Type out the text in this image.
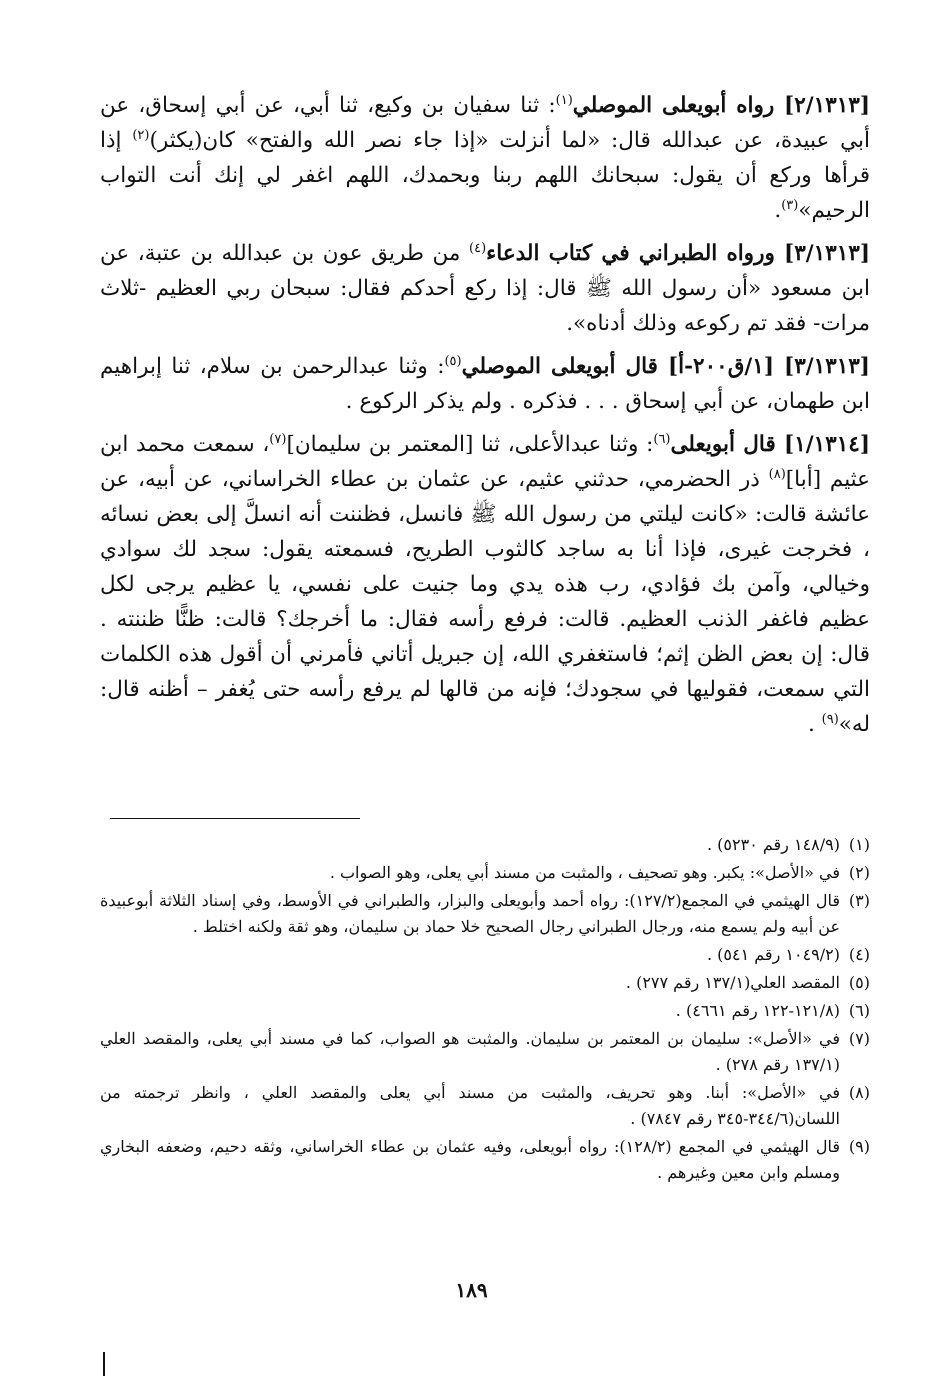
[٢/١٣١٣] رواه أبويعلى الموصلي$^{(١)}$: ثنا سفيان بن وكيع، ثنا أبي، عن أبي إسحاق، عن أبي عبيدة، عن عبدالله قال: «لما أنزلت «إذا جاء نصر الله والفتح» كان(يكثر)$^{(٢)}$ إذا قرأها وركع أن يقول: سبحانك اللهم ربنا وبحمدك، اللهم اغفر لي إنك أنت التواب الرحيم»$^{(٣)}$.

[٣/١٣١٣] ورواه الطبراني في كتاب الدعاء$^{(٤)}$ من طريق عون بن عبدالله بن عتبة، عن ابن مسعود «أن رسول الله ﷺ قال: إذا ركع أحدكم فقال: سبحان ربي العظيم -ثلاث مرات- فقد تم ركوعه وذلك أدناه».

[٣/١٣١٣] [١/ق٢٠٠-أ] قال أبويعلى الموصلي$^{(٥)}$: وثنا عبدالرحمن بن سلام، ثنا إبراهيم ابن طهمان، عن أبي إسحاق . . . فذكره . ولم يذكر الركوع .

[١/١٣١٤] قال أبويعلى$^{(٦)}$: وثنا عبدالأعلى، ثنا [المعتمر بن سليمان]$^{(٧)}$، سمعت محمد ابن عثيم [أبا]$^{(٨)}$ ذر الحضرمي، حدثني عثيم، عن عثمان بن عطاء الخراساني، عن أبيه، عن عائشة قالت: «كانت ليلتي من رسول الله ﷺ فانسل، فظننت أنه انسلَّ إلى بعض نسائه ، فخرجت غيرى، فإذا أنا به ساجد كالثوب الطريح، فسمعته يقول: سجد لك سوادي وخيالي، وآمن بك فؤادي، رب هذه يدي وما جنيت على نفسي، يا عظيم يرجى لكل عظيم فاغفر الذنب العظيم. قالت: فرفع رأسه فقال: ما أخرجك؟ قالت: ظنًّا ظننته . قال: إن بعض الظن إثم؛ فاستغفري الله، إن جبريل أتاني فأمرني أن أقول هذه الكلمات التي سمعت، فقوليها في سجودك؛ فإنه من قالها لم يرفع رأسه حتى يُغفر – أظنه قال: له»$^{(٩)}$ .

(١)
(١٤٨/٩ رقم ٥٢٣٠) .
(٢)
في «الأصل»: يكبر. وهو تصحيف ، والمثبت من مسند أبي يعلى، وهو الصواب .
(٣)
قال الهيثمي في المجمع(١٢٧/٢): رواه أحمد وأبويعلى والبزار، والطبراني في الأوسط، وفي إسناد الثلاثة أبوعبيدة عن أبيه ولم يسمع منه، ورجال الطبراني رجال الصحيح خلا حماد بن سليمان، وهو ثقة ولكنه اختلط .
(٤)
(١٠٤٩/٢ رقم ٥٤١) .
(٥)
المقصد العلي(١٣٧/١ رقم ٢٧٧) .
(٦)
(١٢١/٨-١٢٢ رقم ٤٦٦١) .
(٧)
في «الأصل»: سليمان بن المعتمر بن سليمان. والمثبت هو الصواب، كما في مسند أبي يعلى، والمقصد العلي (١٣٧/١ رقم ٢٧٨) .
(٨)
في «الأصل»: أبنا. وهو تحريف، والمثبت من مسند أبي يعلى والمقصد العلي ، وانظر ترجمته من اللسان(٣٤٤/٦-٣٤٥ رقم ٧٨٤٧) .
(٩)
قال الهيثمي في المجمع (١٢٨/٢): رواه أبويعلى، وفيه عثمان بن عطاء الخراساني، وثقه دحيم، وضعفه البخاري ومسلم وابن معين وغيرهم .
١٨٩
